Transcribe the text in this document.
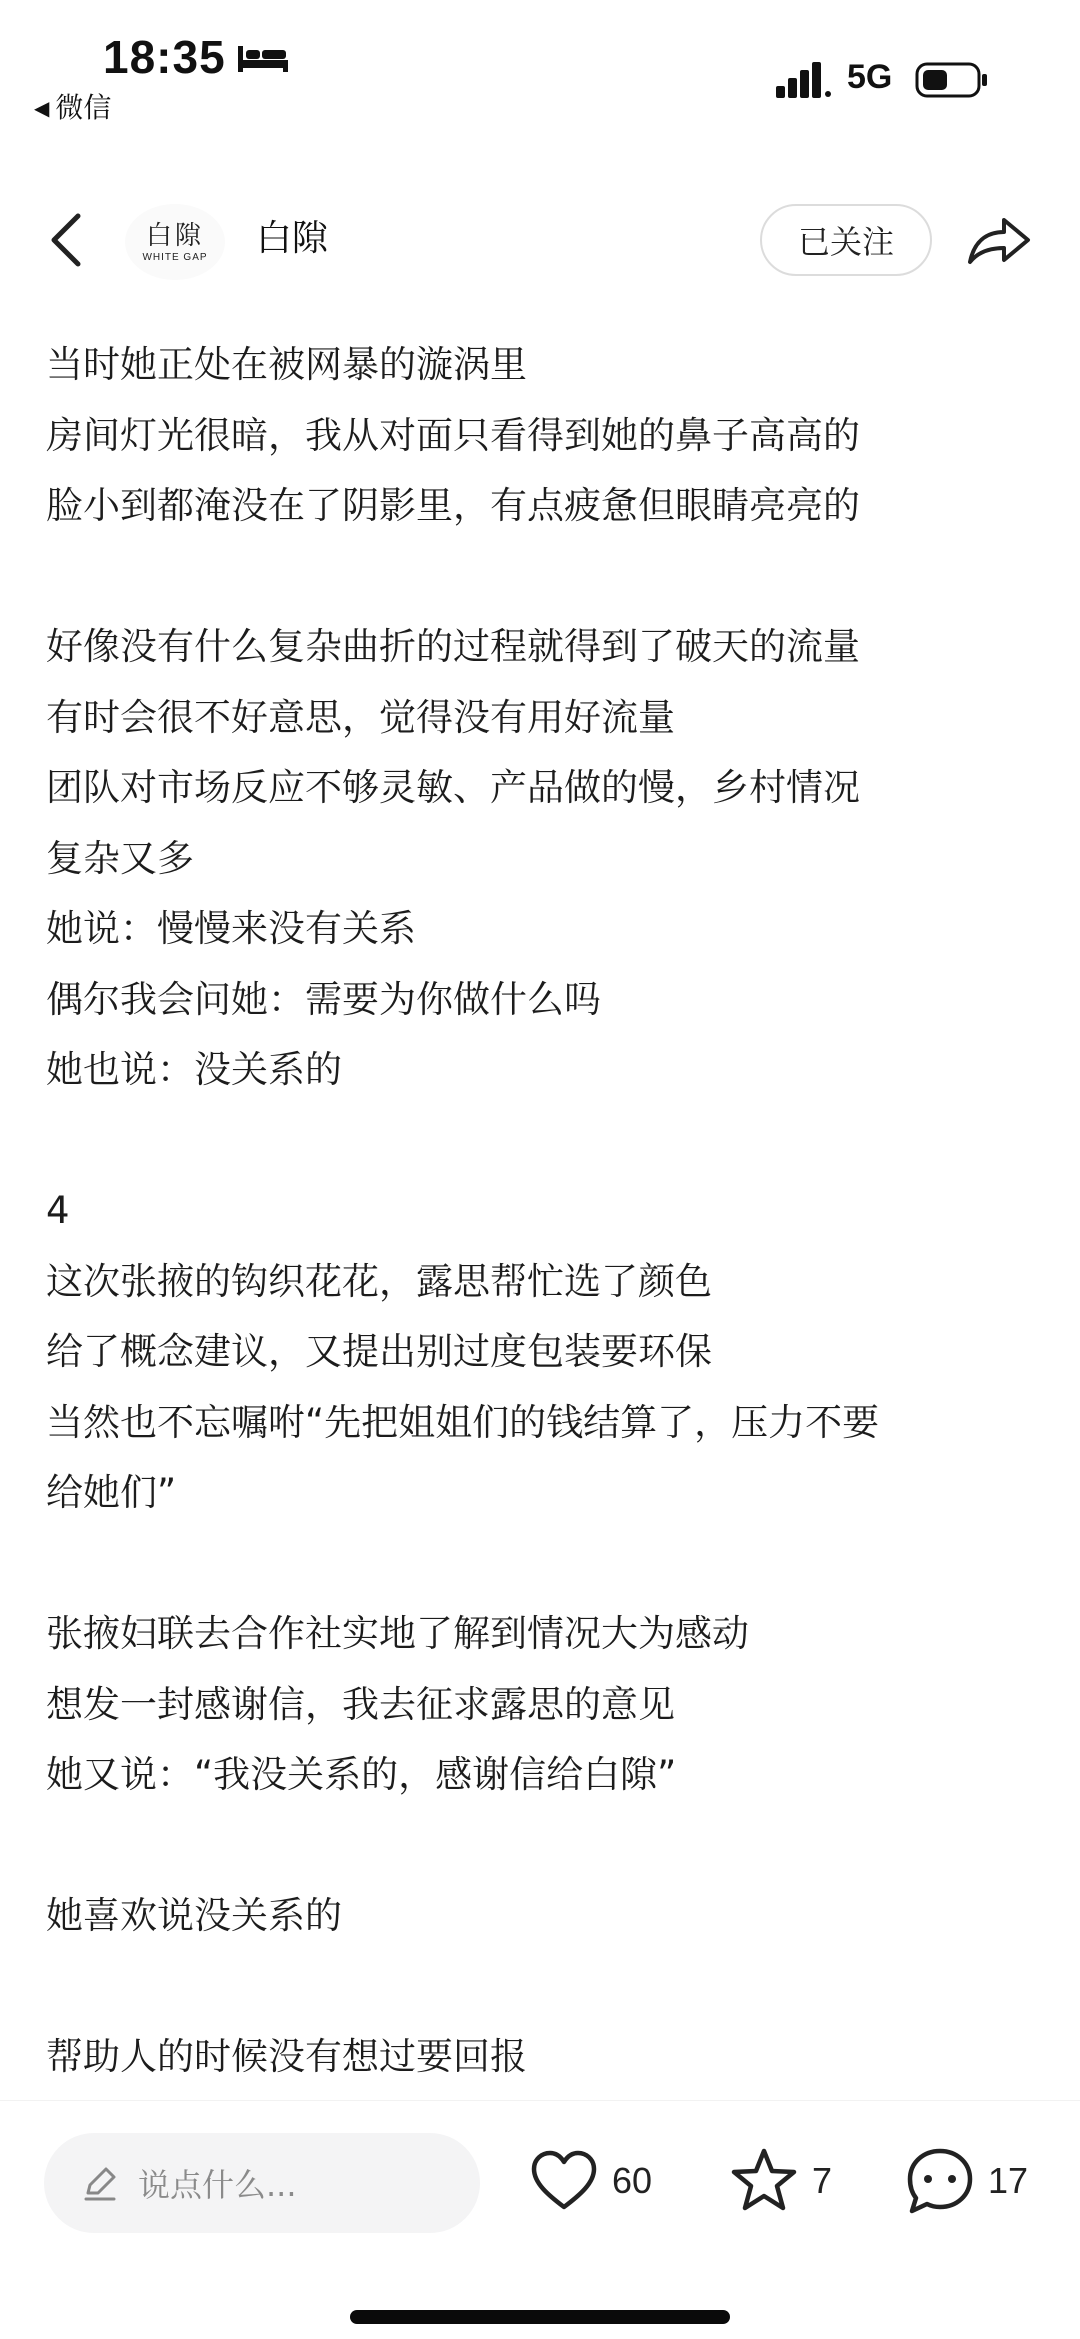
18:35
◀ 微信
5G
白隙
WHITE GAP 白隙	已关注

当时她正处在被网暴的漩涡里

房间灯光很暗，我从对面只看得到她的鼻子高高的

脸小到都淹没在了阴影里，有点疲惫但眼睛亮亮的

好像没有什么复杂曲折的过程就得到了破天的流量

有时会很不好意思，觉得没有用好流量

团队对市场反应不够灵敏、产品做的慢，乡村情况

复杂又多

她说：慢慢来没有关系

偶尔我会问她：需要为你做什么吗

她也说：没关系的

4

这次张掖的钩织花花，露思帮忙选了颜色

给了概念建议，又提出别过度包装要环保

当然也不忘嘱咐“先把姐姐们的钱结算了，压力不要

给她们”

张掖妇联去合作社实地了解到情况大为感动

想发一封感谢信，我去征求露思的意见

她又说：“我没关系的，感谢信给白隙”

她喜欢说没关系的

帮助人的时候没有想过要回报

说点什么...	60	7	17
